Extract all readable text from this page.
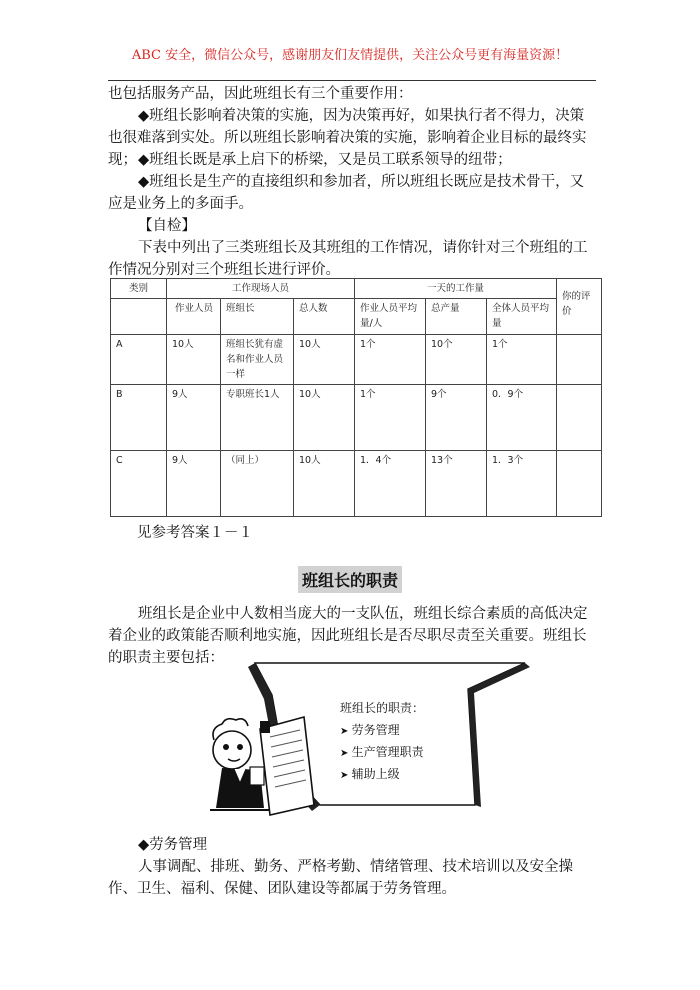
ABC 安全，微信公众号，感谢朋友们友情提供，关注公众号更有海量资源！

也包括服务产品，因此班组长有三个重要作用：

◆班组长影响着决策的实施，因为决策再好，如果执行者不得力，决策也很难落到实处。所以班组长影响着决策的实施，影响着企业目标的最终实现； ◆班组长既是承上启下的桥梁，又是员工联系领导的纽带；

◆班组长是生产的直接组织和参加者，所以班组长既应是技术骨干，又应是业务上的多面手。

【自检】

下表中列出了三类班组长及其班组的工作情况，请你针对三个班组的工作情况分别对三个班组长进行评价。

类别	工作现场人员			一天的工作量			你的评价
	作业人员	班组长	总人数	作业人员平均量/人	总产量	全体人员平均量	
A	10人	班组长犹有虚名和作业人员一样	10人	1个	10个	1个	
B	9人	专职班长1人	10人	1个	9个	0．9个	
C	9人	（同上）	10人	1．4个	13个	1．3个	

见参考答案１－１

班组长的职责

班组长是企业中人数相当庞大的一支队伍，班组长综合素质的高低决定着企业的政策能否顺利地实施，因此班组长是否尽职尽责至关重要。班组长的职责主要包括：

班组长的职责：
➤ 劳务管理
➤ 生产管理职责
➤ 辅助上级

◆劳务管理

人事调配、排班、勤务、严格考勤、情绪管理、技术培训以及安全操作、卫生、福利、保健、团队建设等都属于劳务管理。
